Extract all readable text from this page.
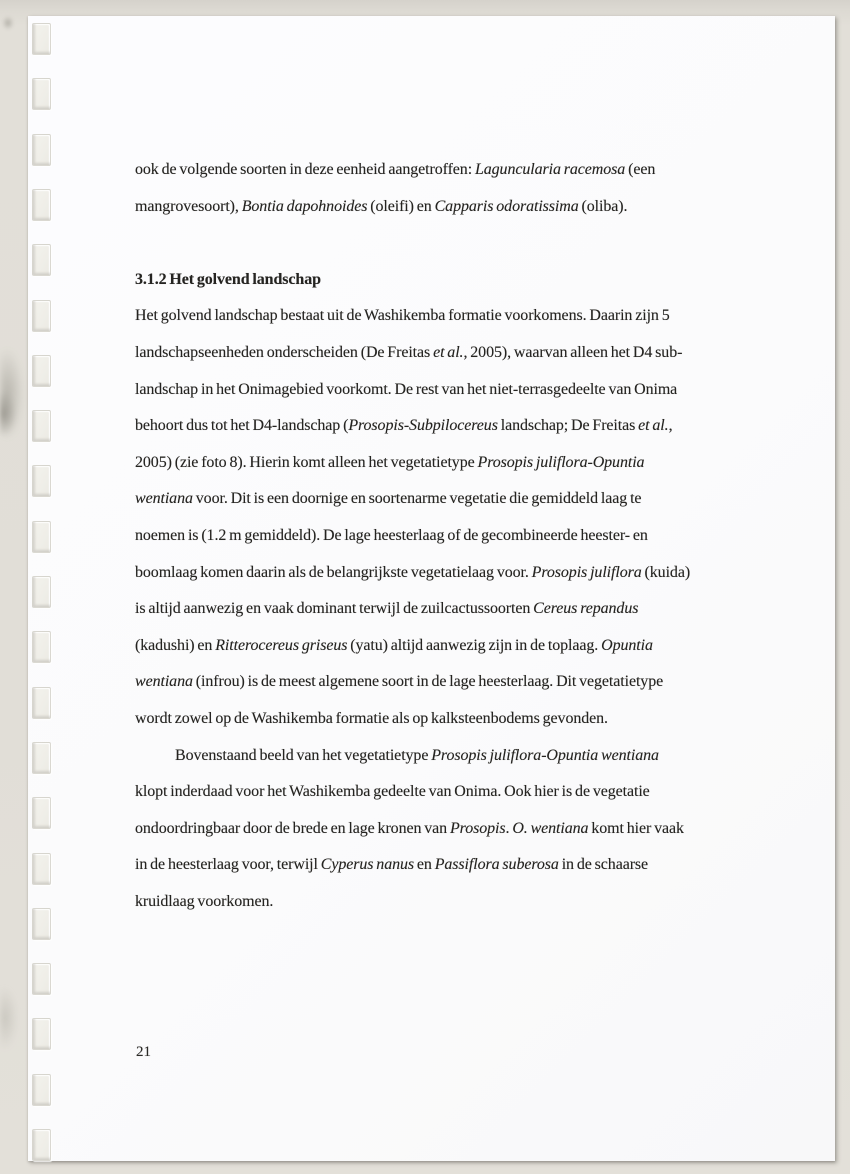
ook de volgende soorten in deze eenheid aangetroffen: Laguncularia racemosa (een
mangrovesoort), Bontia dapohnoides (oleifi) en Capparis odoratissima (oliba).
3.1.2 Het golvend landschap
Het golvend landschap bestaat uit de Washikemba formatie voorkomens. Daarin zijn 5
landschapseenheden onderscheiden (De Freitas et al., 2005), waarvan alleen het D4 sub-
landschap in het Onimagebied voorkomt. De rest van het niet-terrasgedeelte van Onima
behoort dus tot het D4-landschap (Prosopis-Subpilocereus landschap; De Freitas et al.,
2005) (zie foto 8). Hierin komt alleen het vegetatietype Prosopis juliflora-Opuntia
wentiana voor. Dit is een doornige en soortenarme vegetatie die gemiddeld laag te
noemen is (1.2 m gemiddeld). De lage heesterlaag of de gecombineerde heester- en
boomlaag komen daarin als de belangrijkste vegetatielaag voor. Prosopis juliflora (kuida)
is altijd aanwezig en vaak dominant terwijl de zuilcactussoorten Cereus repandus
(kadushi) en Ritterocereus griseus (yatu) altijd aanwezig zijn in de toplaag. Opuntia
wentiana (infrou) is de meest algemene soort in de lage heesterlaag. Dit vegetatietype
wordt zowel op de Washikemba formatie als op kalksteenbodems gevonden.
Bovenstaand beeld van het vegetatietype Prosopis juliflora-Opuntia wentiana
klopt inderdaad voor het Washikemba gedeelte van Onima. Ook hier is de vegetatie
ondoordringbaar door de brede en lage kronen van Prosopis. O. wentiana komt hier vaak
in de heesterlaag voor, terwijl Cyperus nanus en Passiflora suberosa in de schaarse
kruidlaag voorkomen.
21
